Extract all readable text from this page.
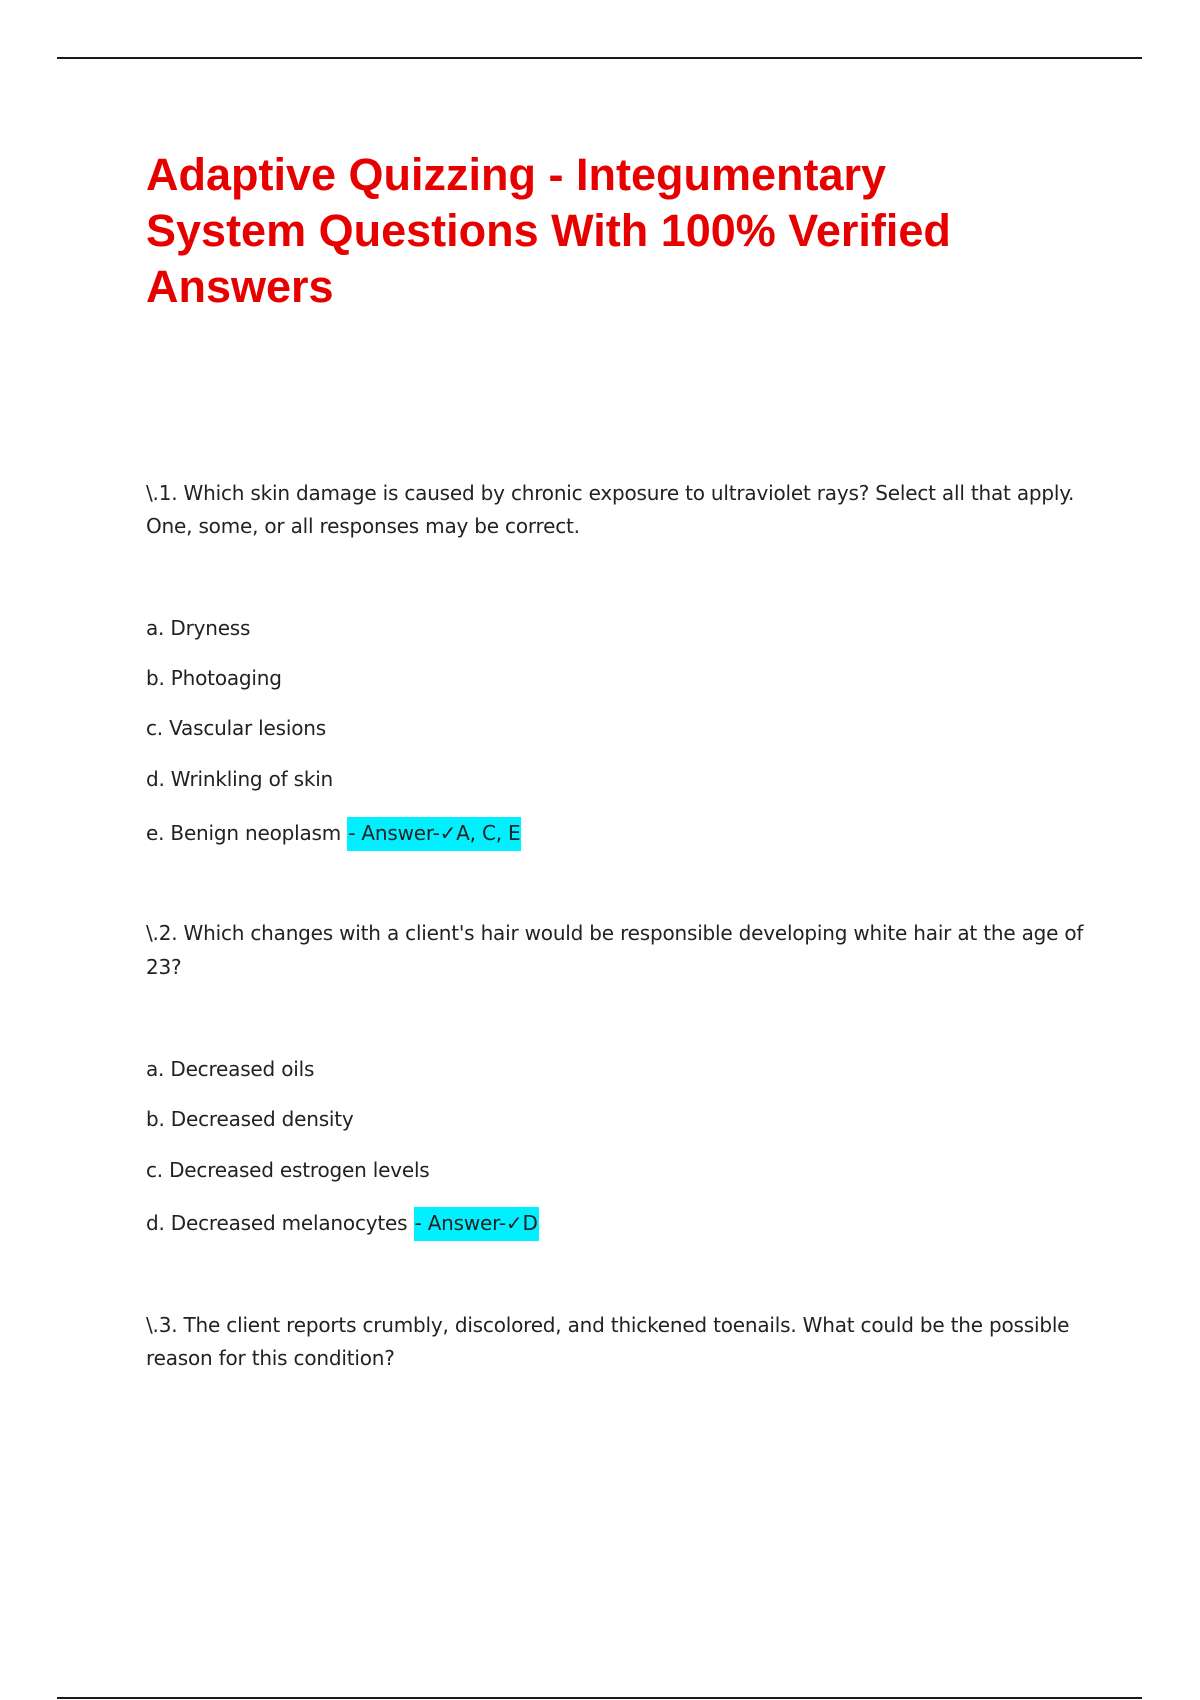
Adaptive Quizzing - Integumentary
System Questions With 100% Verified
Answers
\.1. Which skin damage is caused by chronic exposure to ultraviolet rays? Select all that apply.
One, some, or all responses may be correct.
a. Dryness
b. Photoaging
c. Vascular lesions
d. Wrinkling of skin
e. Benign neoplasm - Answer-✓A, C, E
\.2. Which changes with a client's hair would be responsible developing white hair at the age of
23?
a. Decreased oils
b. Decreased density
c. Decreased estrogen levels
d. Decreased melanocytes - Answer-✓D
\.3. The client reports crumbly, discolored, and thickened toenails. What could be the possible
reason for this condition?
